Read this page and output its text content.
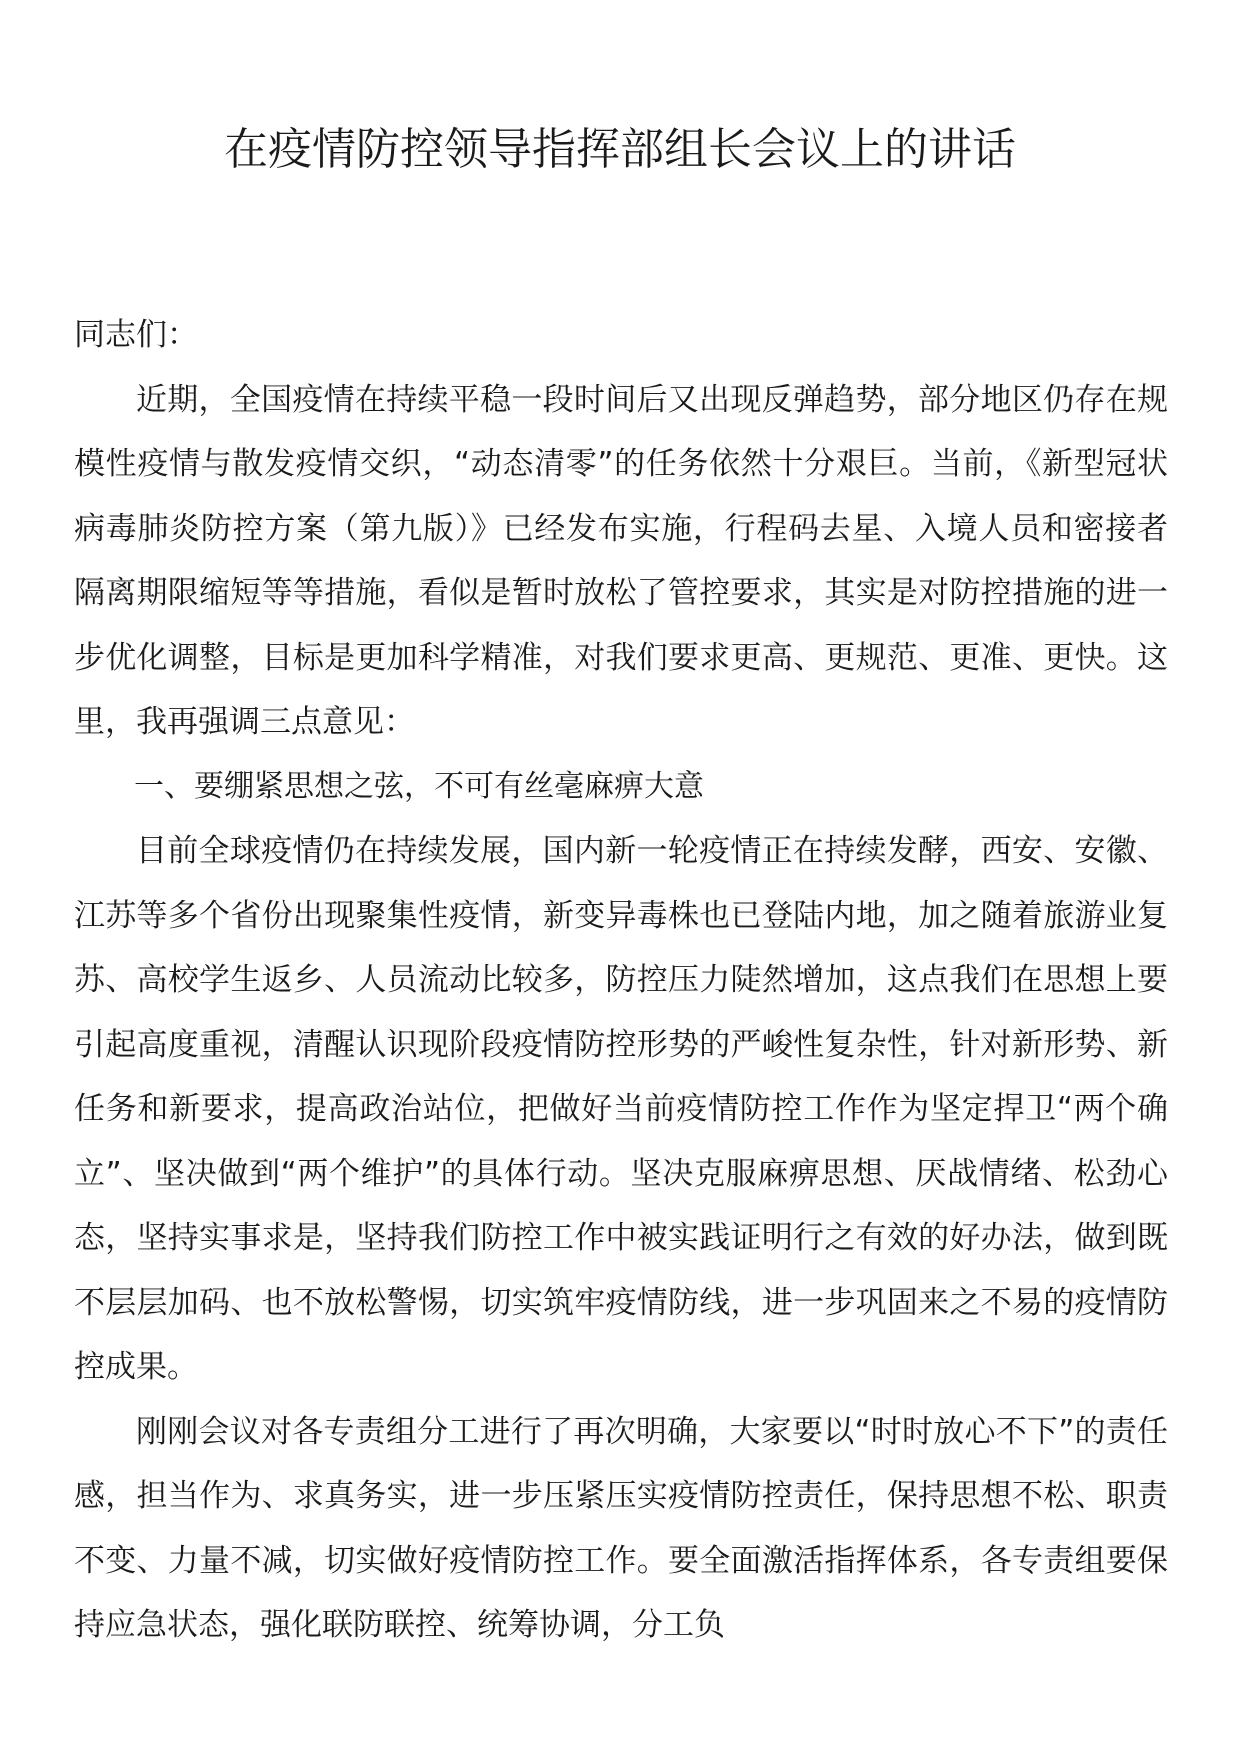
在疫情防控领导指挥部组长会议上的讲话

同志们：

近期，全国疫情在持续平稳一段时间后又出现反弹趋势，部分地区仍存在规模性疫情与散发疫情交织，“动态清零”的任务依然十分艰巨。当前，《新型冠状病毒肺炎防控方案（第九版）》已经发布实施，行程码去星、入境人员和密接者隔离期限缩短等等措施，看似是暂时放松了管控要求，其实是对防控措施的进一步优化调整，目标是更加科学精准，对我们要求更高、更规范、更准、更快。这里，我再强调三点意见：

一、要绷紧思想之弦，不可有丝毫麻痹大意

目前全球疫情仍在持续发展，国内新一轮疫情正在持续发酵，西安、安徽、江苏等多个省份出现聚集性疫情，新变异毒株也已登陆内地，加之随着旅游业复苏、高校学生返乡、人员流动比较多，防控压力陡然增加，这点我们在思想上要引起高度重视，清醒认识现阶段疫情防控形势的严峻性复杂性，针对新形势、新任务和新要求，提高政治站位，把做好当前疫情防控工作作为坚定捍卫“两个确立”、坚决做到“两个维护”的具体行动。坚决克服麻痹思想、厌战情绪、松劲心态，坚持实事求是，坚持我们防控工作中被实践证明行之有效的好办法，做到既不层层加码、也不放松警惕，切实筑牢疫情防线，进一步巩固来之不易的疫情防控成果。

刚刚会议对各专责组分工进行了再次明确，大家要以“时时放心不下”的责任感，担当作为、求真务实，进一步压紧压实疫情防控责任，保持思想不松、职责不变、力量不减，切实做好疫情防控工作。要全面激活指挥体系，各专责组要保持应急状态，强化联防联控、统筹协调，分工负
